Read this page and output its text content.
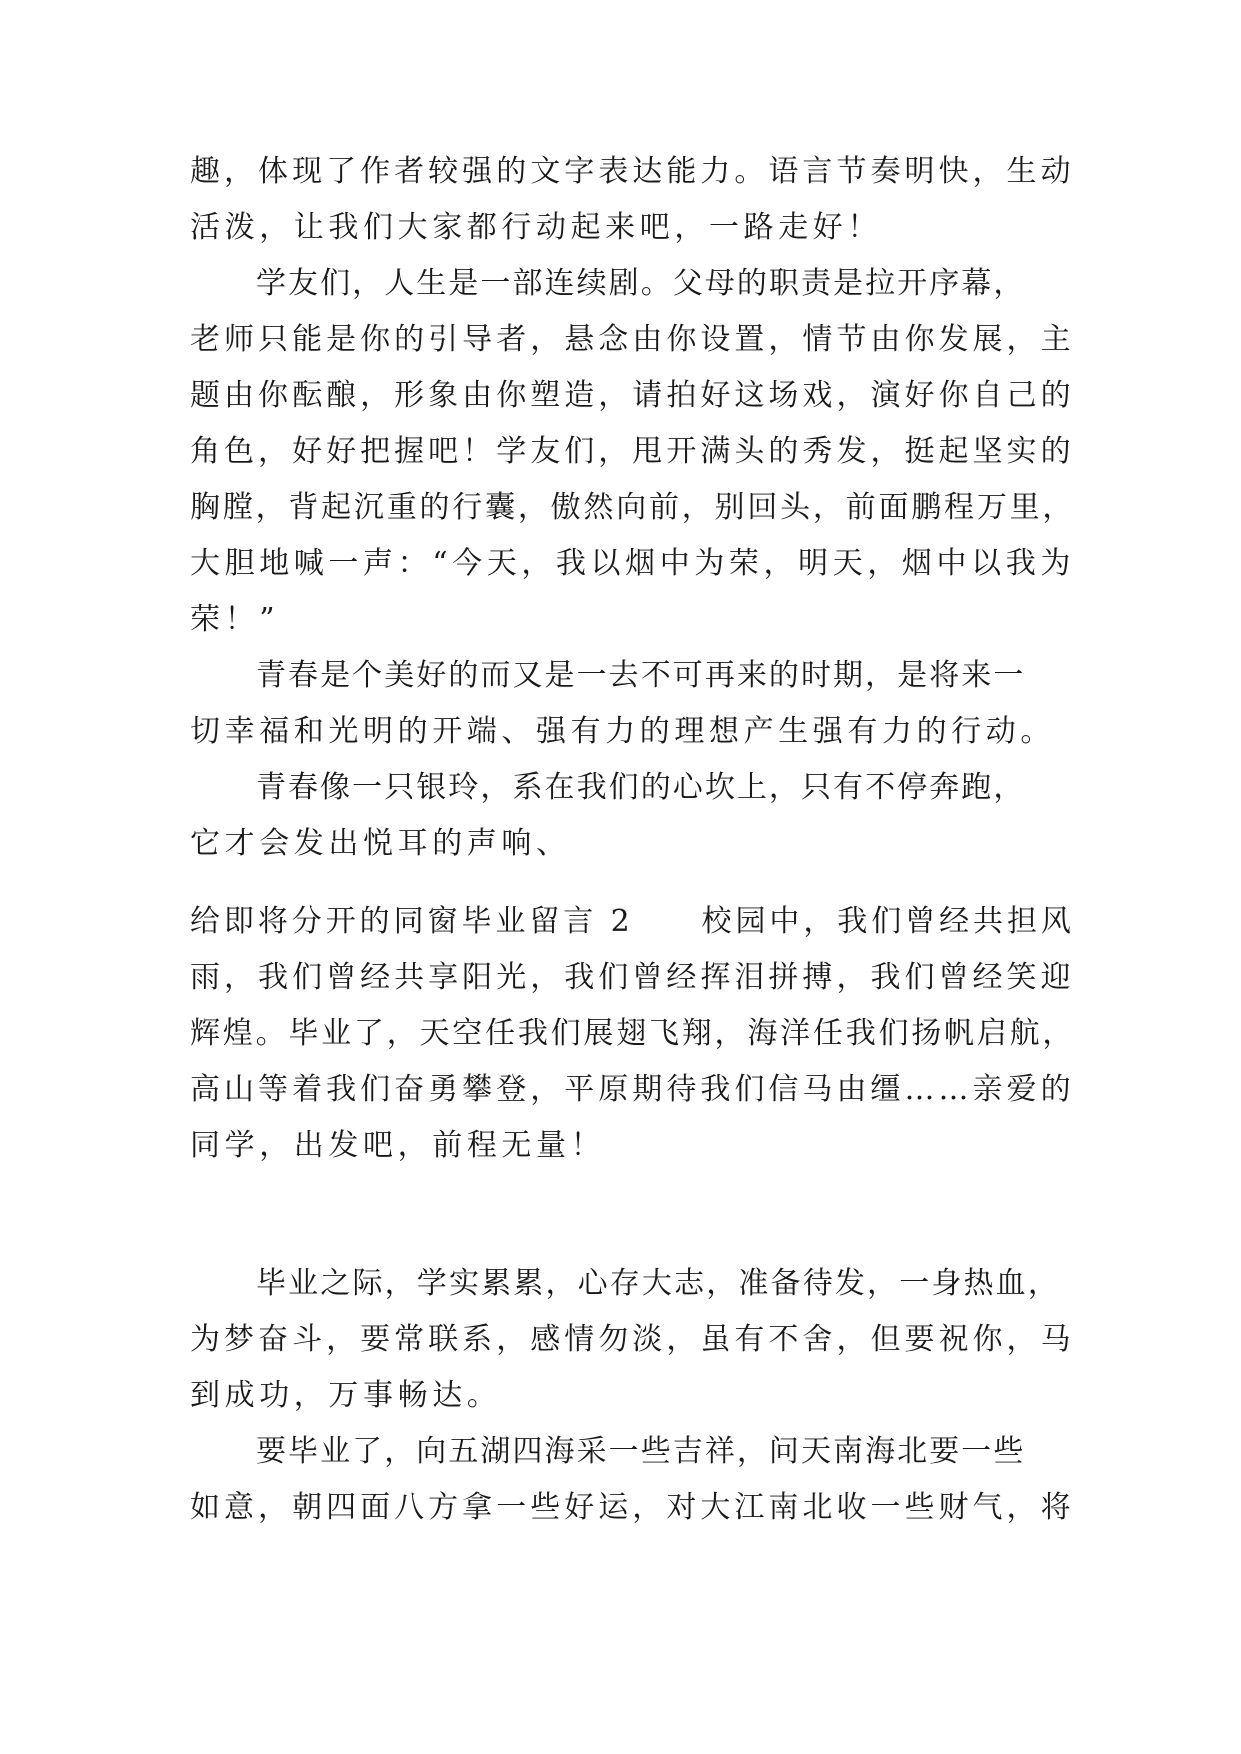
趣，体现了作者较强的文字表达能力。语言节奏明快，生动
活泼，让我们大家都行动起来吧，一路走好！
学友们，人生是一部连续剧。父母的职责是拉开序幕，
老师只能是你的引导者，悬念由你设置，情节由你发展，主
题由你酝酿，形象由你塑造，请拍好这场戏，演好你自己的
角色，好好把握吧！学友们，甩开满头的秀发，挺起坚实的
胸膛，背起沉重的行囊，傲然向前，别回头，前面鹏程万里，
大胆地喊一声：“今天，我以烟中为荣，明天，烟中以我为
荣！”
青春是个美好的而又是一去不可再来的时期，是将来一
切幸福和光明的开端、强有力的理想产生强有力的行动。
青春像一只银玲，系在我们的心坎上，只有不停奔跑，
它才会发出悦耳的声响、
给即将分开的同窗毕业留言 2　　校园中，我们曾经共担风
雨，我们曾经共享阳光，我们曾经挥泪拼搏，我们曾经笑迎
辉煌。毕业了，天空任我们展翅飞翔，海洋任我们扬帆启航，
高山等着我们奋勇攀登，平原期待我们信马由缰……亲爱的
同学，出发吧，前程无量！
毕业之际，学实累累，心存大志，准备待发，一身热血，
为梦奋斗，要常联系，感情勿淡，虽有不舍，但要祝你，马
到成功，万事畅达。
要毕业了，向五湖四海采一些吉祥，问天南海北要一些
如意，朝四面八方拿一些好运，对大江南北收一些财气，将
